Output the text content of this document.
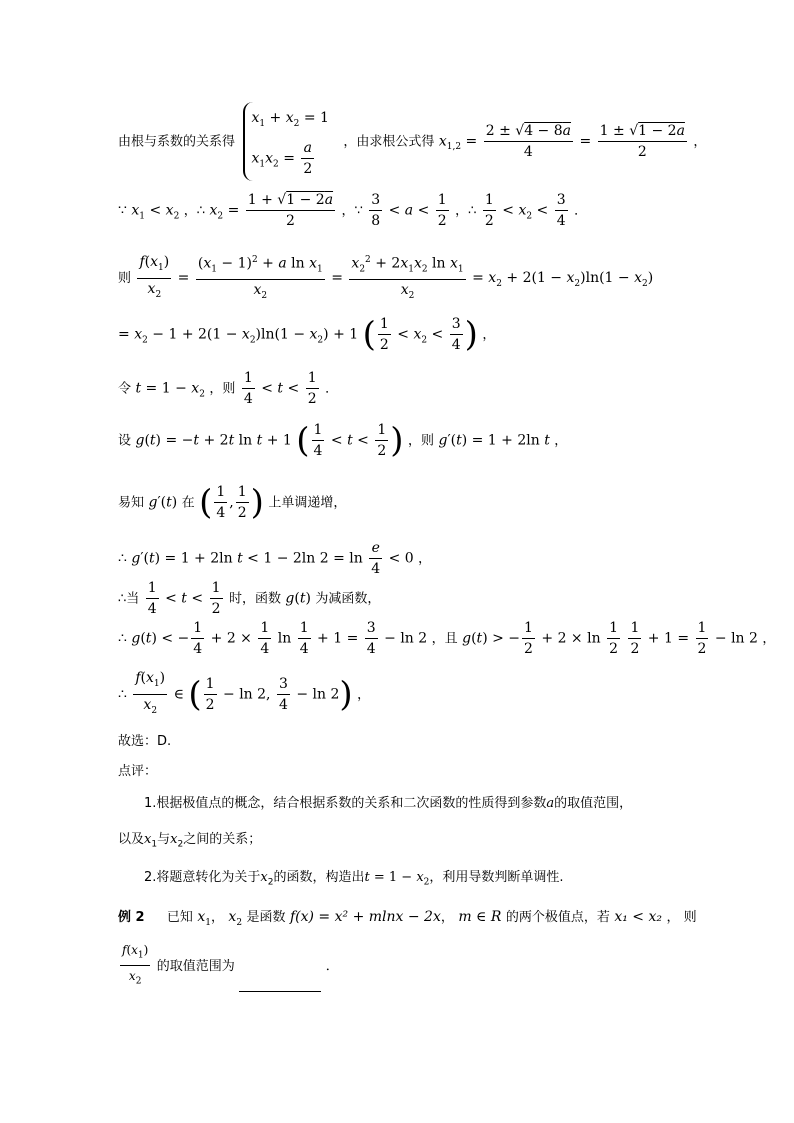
由根与系数的关系得
$x_1 + x_2 = 1$
$x_1x_2 = \frac{a}{2}$ ，由求根公式得 $x_{1,2} = \frac{2 \pm √4 - 8a}{4} = \frac{1 \pm √1 - 2a}{2}$ ，
∵ $x_1 < x_2$ ，∴ $x_2 = \frac{1 + √1 - 2a}{2}$ ，∵ $\frac{3}{8} < a < \frac{1}{2}$ ，∴ $\frac{1}{2} < x_2 < \frac{3}{4}$ ．
则 $\frac{f(x_1)}{x_2} = \frac{(x_1 - 1)^2 + a \ln x_1}{x_2} = \frac{x_2^2 + 2x_1x_2 \ln x_1}{x_2} = x_2 + 2(1 - x_2)\ln(1 - x_2)$
= $x_2 - 1 + 2(1 - x_2)\ln(1 - x_2) + 1$ ( $\frac{1}{2} < x_2 < \frac{3}{4}$ ) ，
令 $t = 1 - x_2$ ，则 $\frac{1}{4} < t < \frac{1}{2}$ ．
设 g(t) = −t + 2t ln t + 1 ( $\frac{1}{4} < t < \frac{1}{2}$ ) ，则 g′(t) = 1 + 2ln t ，
易知 g′(t) 在 ( $\frac{1}{4}$ , $\frac{1}{2}$ ) 上单调递增，
∴ g′(t) = 1 + 2ln t < 1 − 2ln $2 = \ln \frac{e}{4} < 0$ ，
∴当 $\frac{1}{4} < t < \frac{1}{2}$ 时，函数 g(t) 为减函数，
∴ g(t) < − $\frac{1}{4} + 2 \times \frac{1}{4}$ $\ln \frac{1}{4} + 1 = \frac{3}{4} - \ln 2$ ，且 g(t) > − $\frac{1}{2} + 2 \times \ln \frac{1}{2}$
$\frac{1}{2} + 1 = \frac{1}{2} - \ln 2$ ，
∴ $\frac{f(x_1)}{x_2}$ ∈ ( $\frac{1}{2} - \ln 2$, $\frac{3}{4} - \ln 2$) ，
故选：D.
点评：
1.根据极值点的概念，结合根据系数的关系和二次函数的性质得到参数a的取值范围，
以及$x_1$与$x_2$之间的关系；
2.将题意转化为关于$x_2$的函数，构造出$t = 1 - x_2$，利用导数判断单调性.
例 2 已知 $x_1$， $x_2$ 是函数 f(x) = x² + mlnx − 2x， m ∈ R 的两个极值点，若 x₁ < x₂ ， 则
$\frac{f(x_1)}{x_2}$ 的取值范围为	．
